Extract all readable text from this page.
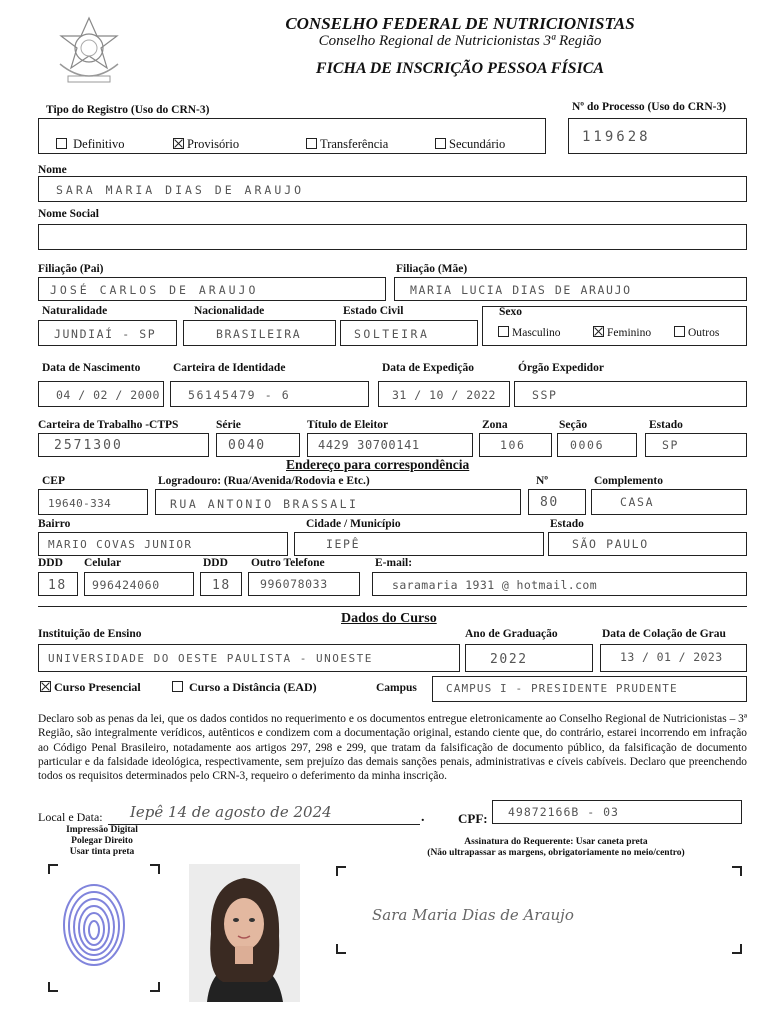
CONSELHO FEDERAL DE NUTRICIONISTAS
Conselho Regional de Nutricionistas 3ª Região
FICHA DE INSCRIÇÃO PESSOA FÍSICA
Tipo do Registro (Uso do CRN-3)
Definitivo	Provisório	Transferência	Secundário
Nº do Processo (Uso do CRN-3)
119628
Nome
SARA MARIA DIAS DE ARAUJO
Nome Social
Filiação (Pai)
JOSÉ CARLOS DE ARAUJO
Filiação (Mãe)
MARIA LUCIA DIAS DE ARAUJO
Naturalidade
JUNDIAÍ - SP
Nacionalidade
BRASILEIRA
Estado Civil
SOLTEIRA
Sexo
Masculino	Feminino	Outros
Data de Nascimento
04 / 02 / 2000
Carteira de Identidade
56145479 - 6
Data de Expedição
31 / 10 / 2022
Órgão Expedidor
SSP
Carteira de Trabalho -CTPS
2571300
Série
0040
Título de Eleitor
4429 30700141
Zona
106
Seção
0006
Estado
SP
Endereço para correspondência
CEP
19640-334
Logradouro: (Rua/Avenida/Rodovia e Etc.)
RUA ANTONIO BRASSALI
Nº
80
Complemento
CASA
Bairro
MARIO COVAS JUNIOR
Cidade / Município
IEPÊ
Estado
SÃO PAULO
DDD
18
Celular
996424060
DDD
18
Outro Telefone
996078033
E-mail:
saramaria 1931 @ hotmail.com
Dados do Curso
Instituição de Ensino
UNIVERSIDADE DO OESTE PAULISTA - UNOESTE
Ano de Graduação
2022
Data de Colação de Grau
13 / 01 / 2023
Curso Presencial	Curso a Distância (EAD)	Campus	CAMPUS I - PRESIDENTE PRUDENTE
Declaro sob as penas da lei, que os dados contidos no requerimento e os documentos entregue eletronicamente ao Conselho Regional de Nutricionistas – 3ª Região, são integralmente verídicos, autênticos e condizem com a documentação original, estando ciente que, do contrário, estarei incorrendo em infração ao Código Penal Brasileiro, notadamente aos artigos 297, 298 e 299, que tratam da falsificação de documento público, da falsificação de documento particular e da falsidade ideológica, respectivamente, sem prejuízo das demais sanções penais, administrativas e cíveis cabíveis. Declaro que preenchendo todos os requisitos determinados pelo CRN-3, requeiro o deferimento da minha inscrição.
Local e Data: Iepê 14 de agosto de 2024	.	CPF: 49872166B - 03
Impressão Digital
Polegar Direito
Usar tinta preta
Assinatura do Requerente: Usar caneta preta
(Não ultrapassar as margens, obrigatoriamente no meio/centro)
Sara Maria Dias de Araujo
